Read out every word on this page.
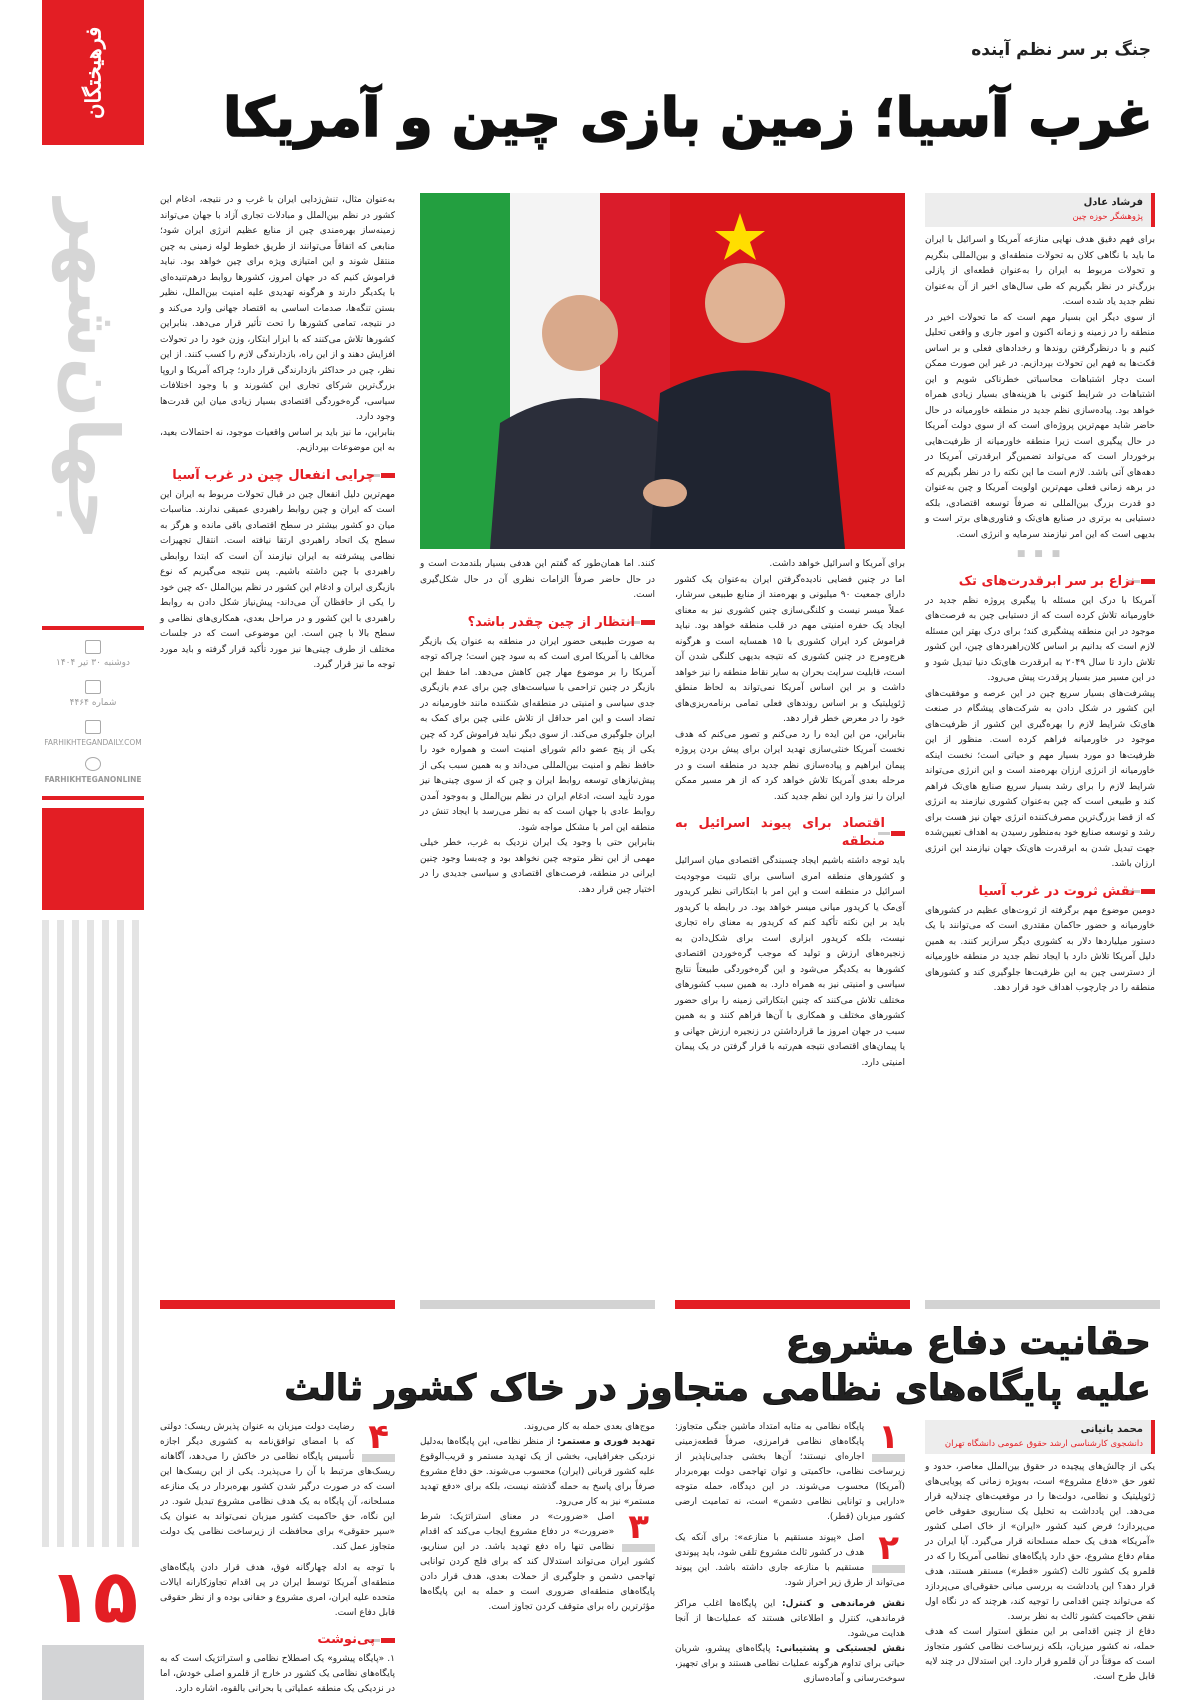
فرهیختگان
جهان‌شهر
دوشنبه ۳۰ تیر ۱۴۰۴
شماره ۴۴۶۴
FARHIKHTEGANDAILY.COM
FARHIKHTEGANONLINE
۱۵
جنگ بر سر نظم آینده
غرب آسیا؛ زمین بازی چین و آمریکا
فرشاد عادل
پژوهشگر حوزه چین

برای فهم دقیق هدف نهایی منازعه آمریکا و اسرائیل با ایران ما باید با نگاهی کلان به تحولات منطقه‌ای و بین‌المللی بنگریم و تحولات مربوط به ایران را به‌عنوان قطعه‌ای از پازلی بزرگ‌تر در نظر بگیریم که طی سال‌های اخیر از آن به‌عنوان نظم جدید یاد شده است.

از سوی دیگر این بسیار مهم است که ما تحولات اخیر در منطقه را در زمینه و زمانه اکنون و امور جاری و واقعی تحلیل کنیم و با درنظرگرفتن روندها و رخدادهای فعلی و بر اساس فکت‌ها به فهم این تحولات بپردازیم. در غیر این صورت ممکن است دچار اشتباهات محاسباتی خطرناکی شویم و این اشتباهات در شرایط کنونی با هزینه‌های بسیار زیادی همراه خواهد بود. پیاده‌سازی نظم جدید در منطقه خاورمیانه در حال حاضر شاید مهم‌ترین پروژه‌ای است که از سوی دولت آمریکا در حال پیگیری است زیرا منطقه خاورمیانه از ظرفیت‌هایی برخوردار است که می‌تواند تضمین‌گر ابرقدرتی آمریکا در دهه‌های آتی باشد. لازم است ما این نکته را در نظر بگیریم که در برهه زمانی فعلی مهم‌ترین اولویت آمریکا و چین به‌عنوان دو قدرت بزرگ بین‌المللی نه صرفاً توسعه اقتصادی، بلکه دستیابی به برتری در صنایع های‌تک و فناوری‌های برتر است و بدیهی است که این امر نیازمند سرمایه و انرژی است.

■ ■ ■
نزاع بر سر ابرقدرت‌های تک

آمریکا با درک این مسئله با پیگیری پروژه نظم جدید در خاورمیانه تلاش کرده است که از دستیابی چین به فرصت‌های موجود در این منطقه پیشگیری کند؛ برای درک بهتر این مسئله لازم است که بدانیم بر اساس کلان‌راهبردهای چین، این کشور تلاش دارد تا سال ۲۰۴۹ به ابرقدرت های‌تک دنیا تبدیل شود و در این مسیر میز بسیار پرقدرت پیش می‌رود.

پیشرفت‌های بسیار سریع چین در این عرصه و موفقیت‌های این کشور در شکل دادن به شرکت‌های پیشگام در صنعت های‌تک شرایط لازم را بهره‌گیری این کشور از ظرفیت‌های موجود در خاورمیانه فراهم کرده است. منظور از این ظرفیت‌ها دو مورد بسیار مهم و حیاتی است؛ نخست اینکه خاورمیانه از انرژی ارزان بهره‌مند است و این انرژی می‌تواند شرایط لازم را برای رشد بسیار سریع صنایع های‌تک فراهم کند و طبیعی است که چین به‌عنوان کشوری نیازمند به انرژی که از قضا بزرگ‌ترین مصرف‌کننده انرژی جهان نیز هست برای رشد و توسعه صنایع خود به‌منظور رسیدن به اهداف تعیین‌شده جهت تبدیل شدن به ابرقدرت های‌تک جهان نیازمند این انرژی ارزان باشد.

نقش ثروت در غرب آسیا

دومین موضوع مهم برگرفته از ثروت‌های عظیم در کشورهای خاورمیانه و حضور حاکمان مقتدری است که می‌توانند با یک دستور میلیاردها دلار به کشوری دیگر سرازیر کنند. به همین دلیل آمریکا تلاش دارد با ایجاد نظم جدید در منطقه خاورمیانه از دسترسی چین به این ظرفیت‌ها جلوگیری کند و کشورهای منطقه را در چارچوب اهداف خود قرار دهد.

برای آمریکا و اسرائیل خواهد داشت.

اما در چنین فضایی نادیده‌گرفتن ایران به‌عنوان یک کشور دارای جمعیت ۹۰ میلیونی و بهره‌مند از منابع طبیعی سرشار، عملاً میسر نیست و کلنگی‌سازی چنین کشوری نیز به معنای ایجاد یک حفره امنیتی مهم در قلب منطقه خواهد بود. نباید فراموش کرد ایران کشوری با ۱۵ همسایه است و هرگونه هرج‌ومرج در چنین کشوری که نتیجه بدیهی کلنگی شدن آن است، قابلیت سرایت بحران به سایر نقاط منطقه را نیز خواهد داشت و بر این اساس آمریکا نمی‌تواند به لحاظ منطق ژئوپلیتیک و بر اساس روندهای فعلی تمامی برنامه‌ریزی‌های خود را در معرض خطر قرار دهد.

بنابراین، من این ایده را رد می‌کنم و تصور می‌کنم که هدف نخست آمریکا خنثی‌سازی تهدید ایران برای پیش بردن پروژه پیمان ابراهیم و پیاده‌سازی نظم جدید در منطقه است و در مرحله بعدی آمریکا تلاش خواهد کرد که از هر مسیر ممکن ایران را نیز وارد این نظم جدید کند.

اقتصاد برای پیوند اسرائیل به منطقه

باید توجه داشته باشیم ایجاد چسبندگی اقتصادی میان اسرائیل و کشورهای منطقه امری اساسی برای تثبیت موجودیت اسرائیل در منطقه است و این امر با ابتکاراتی نظیر کریدور آی‌مک یا کریدور میانی میسر خواهد بود. در رابطه با کریدور باید بر این نکته تأکید کنم که کریدور به معنای راه تجاری نیست، بلکه کریدور ابزاری است برای شکل‌دادن به زنجیره‌های ارزش و تولید که موجب گره‌خوردن اقتصادی کشورها به یکدیگر می‌شود و این گره‌خوردگی طبیعتاً نتایج سیاسی و امنیتی نیز به همراه دارد. به همین سبب کشورهای مختلف تلاش می‌کنند که چنین ابتکاراتی زمینه را برای حضور کشورهای مختلف و همکاری با آن‌ها فراهم کنند و به همین سبب در جهان امروز ما قرارداشتن در زنجیره ارزش جهانی و یا پیمان‌های اقتصادی نتیجه هم‌رتبه با قرار گرفتن در یک پیمان امنیتی دارد.

کنند. اما همان‌طور که گفتم این هدفی بسیار بلندمدت است و در حال حاضر صرفاً الزامات نظری آن در حال شکل‌گیری است.

انتظار از چین چقدر باشد؟

به صورت طبیعی حضور ایران در منطقه به عنوان یک بازیگر مخالف با آمریکا امری است که به سود چین است؛ چراکه توجه آمریکا را بر موضوع مهار چین کاهش می‌دهد. اما حفظ این بازیگر در چنین تزاحمی با سیاست‌های چین برای عدم بازیگری جدی سیاسی و امنیتی در منطقه‌ای شکننده مانند خاورمیانه در تضاد است و این امر حداقل از تلاش علنی چین برای کمک به ایران جلوگیری می‌کند. از سوی دیگر نباید فراموش کرد که چین یکی از پنج عضو دائم شورای امنیت است و همواره خود را حافظ نظم و امنیت بین‌المللی می‌داند و به همین سبب یکی از پیش‌نیازهای توسعه روابط ایران و چین که از سوی چینی‌ها نیز مورد تأیید است، ادغام ایران در نظم بین‌الملل و به‌وجود آمدن روابط عادی با جهان است که به نظر می‌رسد با ایجاد تنش در منطقه این امر با مشکل مواجه شود.

بنابراین حتی با وجود یک ایران نزدیک به غرب، خطر خیلی مهمی از این نظر متوجه چین نخواهد بود و چه‌بسا وجود چنین ایرانی در منطقه، فرصت‌های اقتصادی و سیاسی جدیدی را در اختیار چین قرار دهد.

به‌عنوان مثال، تنش‌زدایی ایران با غرب و در نتیجه، ادغام این کشور در نظم بین‌الملل و مبادلات تجاری آزاد با جهان می‌تواند زمینه‌ساز بهره‌مندی چین از منابع عظیم انرژی ایران شود؛ منابعی که اتفاقاً می‌توانند از طریق خطوط لوله زمینی به چین منتقل شوند و این امتیازی ویژه برای چین خواهد بود. نباید فراموش کنیم که در جهان امروز، کشورها روابط درهم‌تنیده‌ای با یکدیگر دارند و هرگونه تهدیدی علیه امنیت بین‌الملل، نظیر بستن تنگه‌ها، صدمات اساسی به اقتصاد جهانی وارد می‌کند و در نتیجه، تمامی کشورها را تحت تأثیر قرار می‌دهد. بنابراین کشورها تلاش می‌کنند که با ابزار ابتکار، وزن خود را در تحولات افزایش دهند و از این راه، بازدارندگی لازم را کسب کنند. از این نظر، چین در حداکثر بازدارندگی قرار دارد؛ چراکه آمریکا و اروپا بزرگ‌ترین شرکای تجاری این کشورند و با وجود اختلافات سیاسی، گره‌خوردگی اقتصادی بسیار زیادی میان این قدرت‌ها وجود دارد.

بنابراین، ما نیز باید بر اساس واقعیات موجود، نه احتمالات بعید، به این موضوعات بپردازیم.

چرایی انفعال چین در غرب آسیا

مهم‌ترین دلیل انفعال چین در قبال تحولات مربوط به ایران این است که ایران و چین روابط راهبردی عمیقی ندارند. مناسبات میان دو کشور بیشتر در سطح اقتصادی باقی مانده و هرگز به سطح یک اتحاد راهبردی ارتقا نیافته است. انتقال تجهیزات نظامی پیشرفته به ایران نیازمند آن است که ابتدا روابطی راهبردی با چین داشته باشیم. پس نتیجه می‌گیریم که نوع بازیگری ایران و ادغام این کشور در نظم بین‌الملل -که چین خود را یکی از حافظان آن می‌داند- پیش‌نیاز شکل دادن به روابط راهبردی با این کشور و در مراحل بعدی، همکاری‌های نظامی و سطح بالا با چین است. این موضوعی است که در جلسات مختلف از طرف چینی‌ها نیز مورد تأکید قرار گرفته و باید مورد توجه ما نیز قرار گیرد.

حقانیت دفاع مشروع
علیه پایگاه‌های نظامی متجاوز در خاک کشور ثالث
محمد بانیانی
دانشجوی کارشناسی ارشد حقوق عمومی دانشگاه تهران

یکی از چالش‌های پیچیده در حقوق بین‌الملل معاصر، حدود و ثغور حق «دفاع مشروع» است، به‌ویژه زمانی که پویایی‌های ژئوپلیتیک و نظامی، دولت‌ها را در موقعیت‌های چندلایه قرار می‌دهد. این یادداشت به تحلیل یک سناریوی حقوقی خاص می‌پردازد؛ فرض کنید کشور «ایران» از خاک اصلی کشور «آمریکا» هدف یک حمله مسلحانه قرار می‌گیرد. آیا ایران در مقام دفاع مشروع، حق دارد پایگاه‌های نظامی آمریکا را که در قلمرو یک کشور ثالث (کشور «قطر») مستقر هستند، هدف قرار دهد؟ این یادداشت به بررسی مبانی حقوقی‌ای می‌پردازد که می‌تواند چنین اقدامی را توجیه کند، هرچند که در نگاه اول نقض حاکمیت کشور ثالث به نظر برسد.

دفاع از چنین اقدامی بر این منطق استوار است که هدف حمله، نه کشور میزبان، بلکه زیرساخت نظامی کشور متجاوز است که موقتاً در آن قلمرو قرار دارد. این استدلال در چند لایه قابل طرح است.

۱
پایگاه نظامی به مثابه امتداد ماشین جنگی متجاوز: پایگاه‌های نظامی فرامرزی، صرفاً قطعه‌زمینی اجاره‌ای نیستند؛ آن‌ها بخشی جدایی‌ناپذیر از زیرساخت نظامی، حاکمیتی و توان تهاجمی دولت بهره‌بردار (آمریکا) محسوب می‌شوند. در این دیدگاه، حمله متوجه «دارایی و توانایی نظامی دشمن» است، نه تمامیت ارضی کشور میزبان (قطر).

۲
اصل «پیوند مستقیم با منازعه»: برای آنکه یک هدف در کشور ثالث مشروع تلقی شود، باید پیوندی مستقیم با منازعه جاری داشته باشد. این پیوند می‌تواند از طرق زیر احراز شود.

نقش فرماندهی و کنترل: این پایگاه‌ها اغلب مراکز فرماندهی، کنترل و اطلاعاتی هستند که عملیات‌ها از آنجا هدایت می‌شود.

نقش لجستیکی و پشتیبانی: پایگاه‌های پیشرو، شریان حیاتی برای تداوم هرگونه عملیات نظامی هستند و برای تجهیز، سوخت‌رسانی و آماده‌سازی

موج‌های بعدی حمله به کار می‌روند.

تهدید فوری و مستمر: از منظر نظامی، این پایگاه‌ها به‌دلیل نزدیکی جغرافیایی، بخشی از یک تهدید مستمر و قریب‌الوقوع علیه کشور قربانی (ایران) محسوب می‌شوند. حق دفاع مشروع صرفاً برای پاسخ به حمله گذشته نیست، بلکه برای «دفع تهدید مستمر» نیز به کار می‌رود.

۳
اصل «ضرورت» در معنای استراتژیک: شرط «ضرورت» در دفاع مشروع ایجاب می‌کند که اقدام نظامی تنها راه دفع تهدید باشد. در این سناریو، کشور ایران می‌تواند استدلال کند که برای فلج کردن توانایی تهاجمی دشمن و جلوگیری از حملات بعدی، هدف قرار دادن پایگاه‌های منطقه‌ای ضروری است و حمله به این پایگاه‌ها مؤثرترین راه برای متوقف کردن تجاوز است.

۴
رضایت دولت میزبان به عنوان پذیرش ریسک: دولتی که با امضای توافق‌نامه به کشوری دیگر اجازه تأسیس پایگاه نظامی در خاکش را می‌دهد، آگاهانه ریسک‌های مرتبط با آن را می‌پذیرد. یکی از این ریسک‌ها این است که در صورت درگیر شدن کشور بهره‌بردار در یک منازعه مسلحانه، آن پایگاه به یک هدف نظامی مشروع تبدیل شود. در این نگاه، حق حاکمیت کشور میزبان نمی‌تواند به عنوان یک «سپر حقوقی» برای محافظت از زیرساخت نظامی یک دولت متجاوز عمل کند.

با توجه به ادله چهارگانه فوق، هدف قرار دادن پایگاه‌های منطقه‌ای آمریکا توسط ایران در پی اقدام تجاوزکارانه ایالات متحده علیه ایران، امری مشروع و حقانی بوده و از نظر حقوقی قابل دفاع است.

پی‌نوشت

۱. «پایگاه پیشرو» یک اصطلاح نظامی و استراتژیک است که به پایگاه‌های نظامی یک کشور در خارج از قلمرو اصلی خودش، اما در نزدیکی یک منطقه عملیاتی یا بحرانی بالقوه، اشاره دارد.
